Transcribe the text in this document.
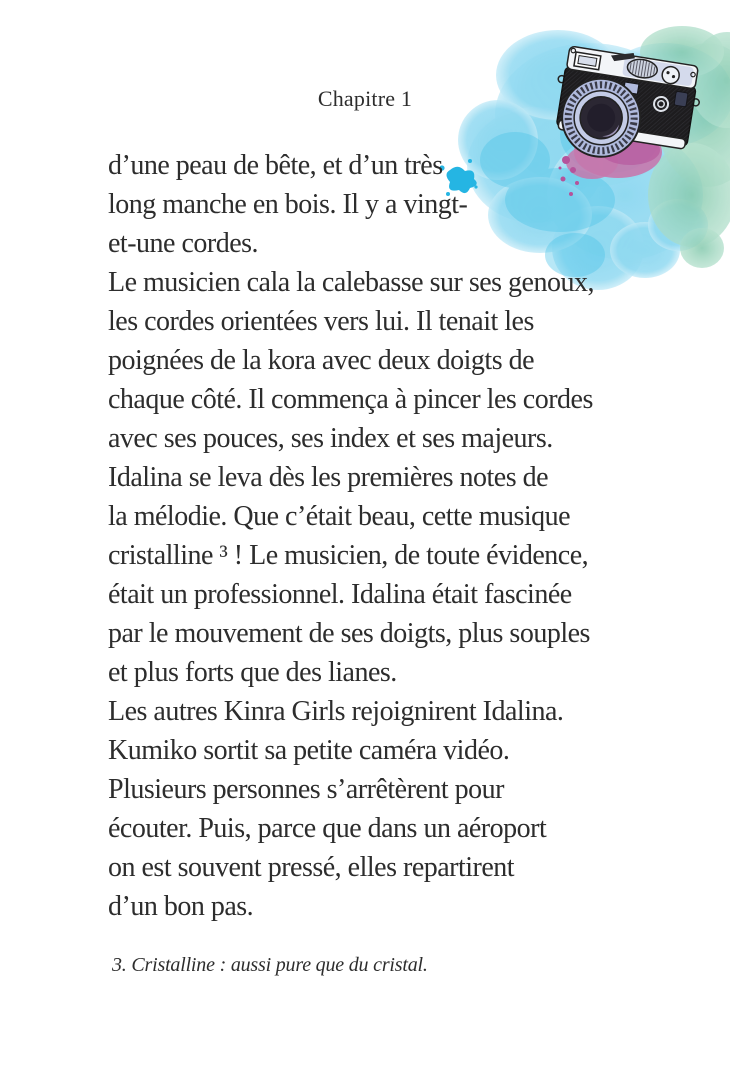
Chapitre 1
d’une peau de bête, et d’un très
long manche en bois. Il y a vingt-
et-une cordes.
Le musicien cala la calebasse sur ses genoux,
les cordes orientées vers lui. Il tenait les
poignées de la kora avec deux doigts de
chaque côté. Il commença à pincer les cordes
avec ses pouces, ses index et ses majeurs.
Idalina se leva dès les premières notes de
la mélodie. Que c’était beau, cette musique
cristalline ³ ! Le musicien, de toute évidence,
était un professionnel. Idalina était fascinée
par le mouvement de ses doigts, plus souples
et plus forts que des lianes.
Les autres Kinra Girls rejoignirent Idalina.
Kumiko sortit sa petite caméra vidéo.
Plusieurs personnes s’arrêtèrent pour
écouter. Puis, parce que dans un aéroport
on est souvent pressé, elles repartirent
d’un bon pas.
3. Cristalline : aussi pure que du cristal.
